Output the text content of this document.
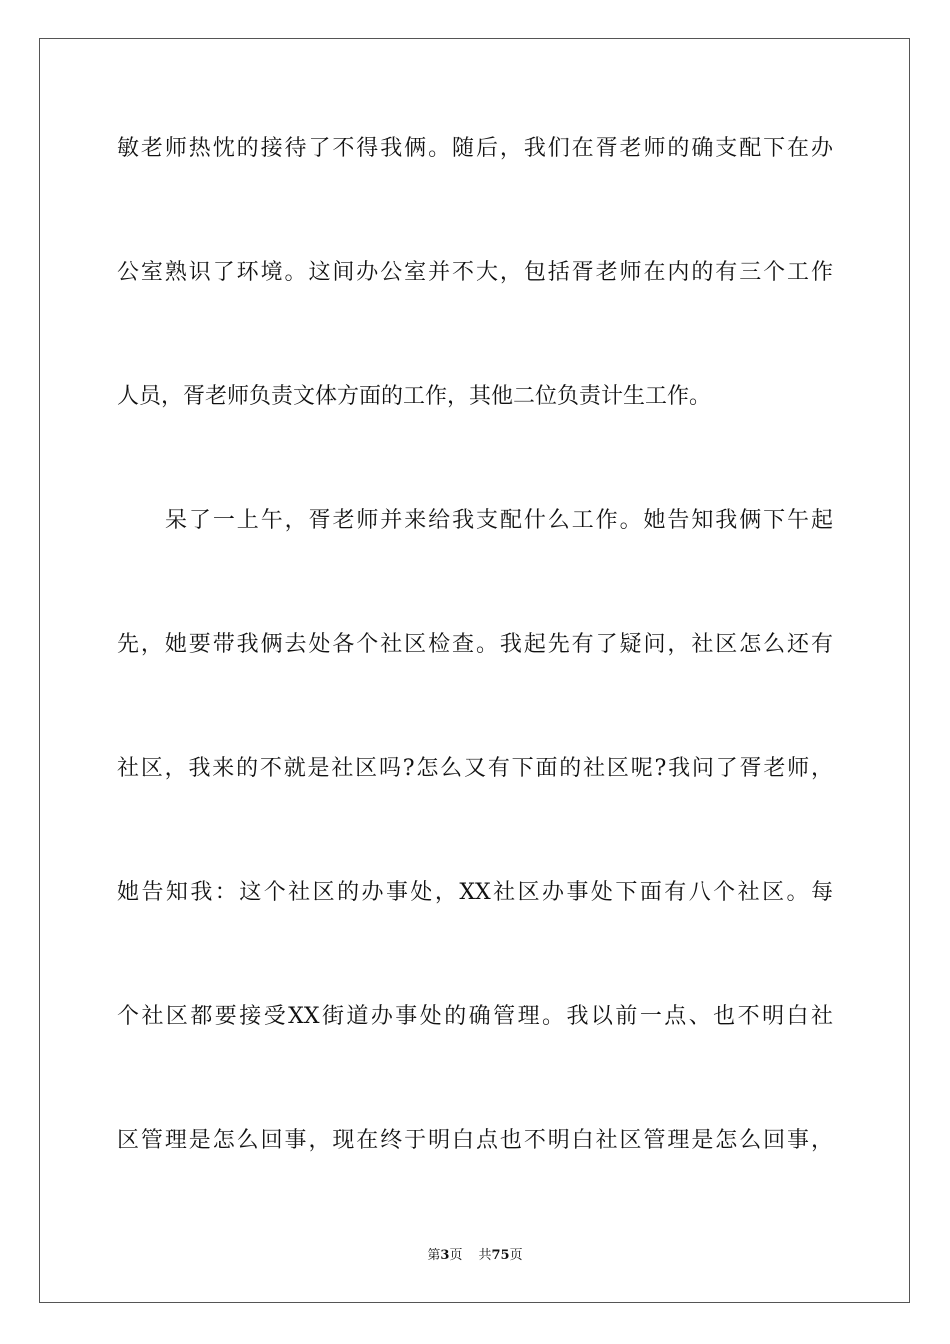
敏老师热忱的接待了不得我俩。随后，我们在胥老师的确支配下在办
公室熟识了环境。这间办公室并不大，包括胥老师在内的有三个工作
人员，胥老师负责文体方面的工作，其他二位负责计生工作。
呆了一上午，胥老师并来给我支配什么工作。她告知我俩下午起
先，她要带我俩去处各个社区检查。我起先有了疑问，社区怎么还有
社区，我来的不就是社区吗?怎么又有下面的社区呢?我问了胥老师，
她告知我：这个社区的办事处，XX社区办事处下面有八个社区。每
个社区都要接受XX街道办事处的确管理。我以前一点、也不明白社
区管理是怎么回事，现在终于明白点也不明白社区管理是怎么回事，
第3页 共75页
